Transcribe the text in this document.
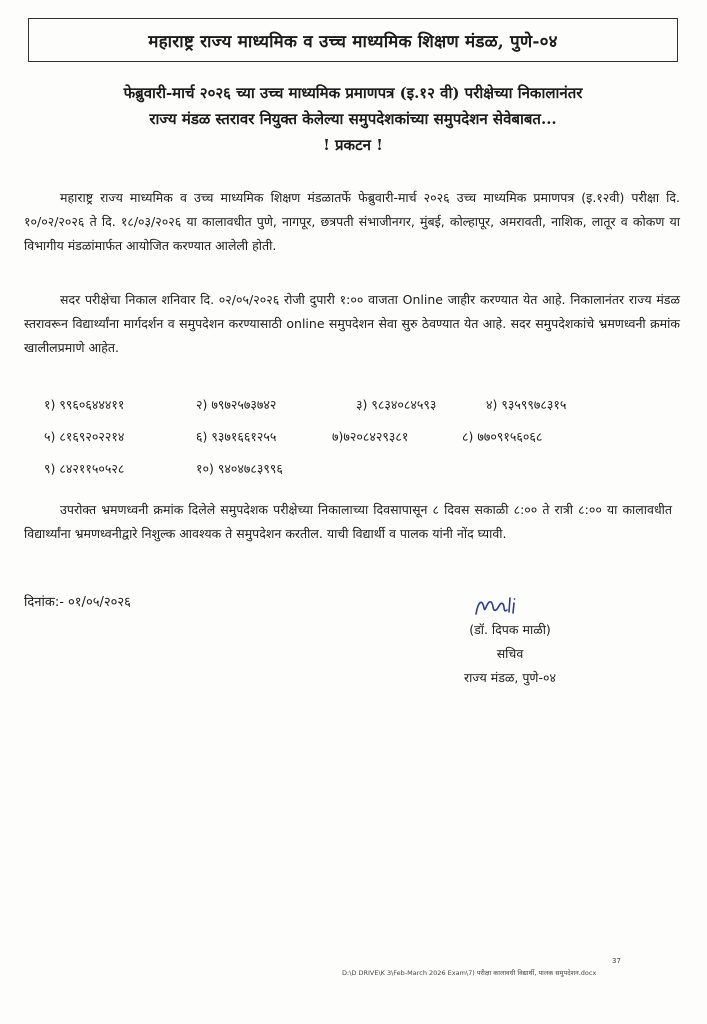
महाराष्ट्र राज्य माध्यमिक व उच्च माध्यमिक शिक्षण मंडळ, पुणे-०४
फेब्रुवारी-मार्च २०२६ च्या उच्च माध्यमिक प्रमाणपत्र (इ.१२ वी) परीक्षेच्या निकालानंतर
राज्य मंडळ स्तरावर नियुक्त केलेल्या समुपदेशकांच्या समुपदेशन सेवेबाबत...
! प्रकटन !
महाराष्ट्र राज्य माध्यमिक व उच्च माध्यमिक शिक्षण मंडळातर्फे फेब्रुवारी-मार्च २०२६ उच्च माध्यमिक प्रमाणपत्र (इ.१२वी) परीक्षा दि. १०/०२/२०२६ ते दि. १८/०३/२०२६ या कालावधीत पुणे, नागपूर, छत्रपती संभाजीनगर, मुंबई, कोल्हापूर, अमरावती, नाशिक, लातूर व कोकण या विभागीय मंडळांमार्फत आयोजित करण्यात आलेली होती.
सदर परीक्षेचा निकाल शनिवार दि. ०२/०५/२०२६ रोजी दुपारी १:०० वाजता Online जाहीर करण्यात येत आहे. निकालानंतर राज्य मंडळ स्तरावरून विद्यार्थ्यांना मार्गदर्शन व समुपदेशन करण्यासाठी online समुपदेशन सेवा सुरु ठेवण्यात येत आहे. सदर समुपदेशकांचे भ्रमणध्वनी क्रमांक खालीलप्रमाणे आहेत.
१) ९९६०६४४४११	२) ७९७२५७३७४२	३) ९८३४०८४५९३	४) ९३५९९७८३१५
५) ८१६९२०२२१४	६) ९३७१६६१२५५	७)७२०८४२९३८१	८) ७७०९१५६०६८
९) ८४२११५०५२८	१०) ९४०४७८३९९६
उपरोक्त भ्रमणध्वनी क्रमांक दिलेले समुपदेशक परीक्षेच्या निकालाच्या दिवसापासून ८ दिवस सकाळी ८:०० ते रात्री ८:०० या कालावधीत विद्यार्थ्यांना भ्रमणध्वनीद्वारे निशुल्क आवश्यक ते समुपदेशन करतील. याची विद्यार्थी व पालक यांनी नोंद घ्यावी.
दिनांक:- ०१/०५/२०२६
(डॉ. दिपक माळी)
सचिव
राज्य मंडळ, पुणे-०४
37
D:\D DRIVE\K 3\Feb-March 2026 Exam\7) परीक्षा कालावधी विद्यार्थी, पालक समुपदेशन.docx
